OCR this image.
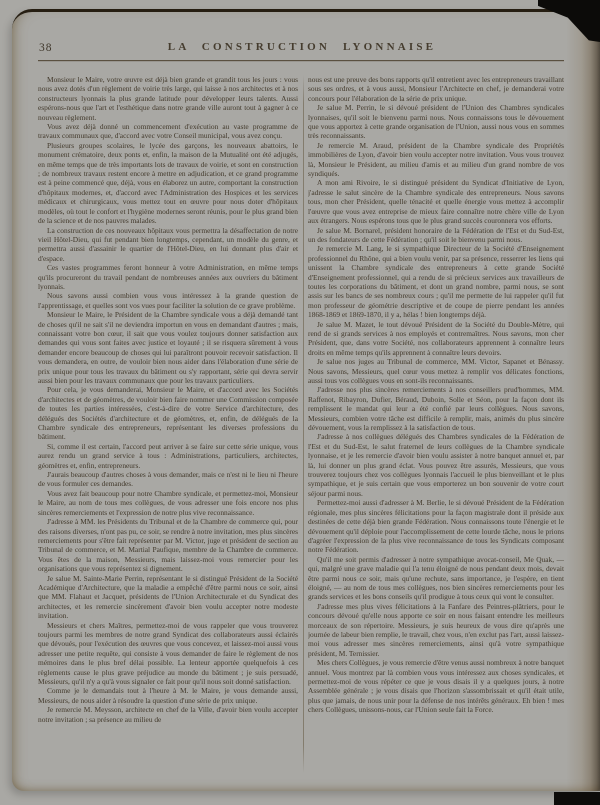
38	LA CONSTRUCTION LYONNAISE

Monsieur le Maire, votre œuvre est déjà bien grande et grandit tous les jours : vous nous avez dotés d'un règlement de voirie très large, qui laisse à nos architectes et à nos constructeurs lyonnais la plus grande latitude pour développer leurs talents. Aussi espérons-nous que l'art et l'esthétique dans notre grande ville auront tout à gagner à ce nouveau règlement.

Vous avez déjà donné un commencement d'exécution au vaste programme de travaux communaux que, d'accord avec votre Conseil municipal, vous avez conçu.

Plusieurs groupes scolaires, le lycée des garçons, les nouveaux abattoirs, le monument crématoire, deux ponts et, enfin, la maison de la Mutualité ont été adjugés, en même temps que de très importants lots de travaux de voirie, et sont en construction ; de nombreux travaux restent encore à mettre en adjudication, et ce grand programme est à peine commencé que, déjà, vous en élaborez un autre, comportant la construction d'hôpitaux modernes, et, d'accord avec l'Administration des Hospices et les services médicaux et chirurgicaux, vous mettez tout en œuvre pour nous doter d'hôpitaux modèles, où tout le confort et l'hygiène modernes seront réunis, pour le plus grand bien de la science et de nos pauvres malades.

La construction de ces nouveaux hôpitaux vous permettra la désaffectation de notre vieil Hôtel-Dieu, qui fut pendant bien longtemps, cependant, un modèle du genre, et permettra aussi d'assainir le quartier de l'Hôtel-Dieu, en lui donnant plus d'air et d'espace.

Ces vastes programmes feront honneur à votre Administration, en même temps qu'ils procureront du travail pendant de nombreuses années aux ouvriers du bâtiment lyonnais.

Nous savons aussi combien vous vous intéressez à la grande question de l'apprentissage, et quelles sont vos vues pour faciliter la solution de ce grave problème.

Monsieur le Maire, le Président de la Chambre syndicale vous a déjà demandé tant de choses qu'il ne sait s'il ne deviendra importun en vous en demandant d'autres ; mais, connaissant votre bon cœur, il sait que vous voulez toujours donner satisfaction aux demandes qui vous sont faites avec justice et loyauté ; il se risquera sûrement à vous demander encore beaucoup de choses qui lui paraîtront pouvoir recevoir satisfaction. Il vous demandera, en outre, de vouloir bien nous aider dans l'élaboration d'une série de prix unique pour tous les travaux du bâtiment ou s'y rapportant, série qui devra servir aussi bien pour les travaux communaux que pour les travaux particuliers.

Pour cela, je vous demanderai, Monsieur le Maire, et d'accord avec les Sociétés d'architectes et de géomètres, de vouloir bien faire nommer une Commission composée de toutes les parties intéressées, c'est-à-dire de votre Service d'architecture, des délégués des Sociétés d'architecture et de géomètres, et, enfin, de délégués de la Chambre syndicale des entrepreneurs, représentant les diverses professions du bâtiment.

Si, comme il est certain, l'accord peut arriver à se faire sur cette série unique, vous aurez rendu un grand service à tous : Administrations, particuliers, architectes, géomètres et, enfin, entrepreneurs.

J'aurais beaucoup d'autres choses à vous demander, mais ce n'est ni le lieu ni l'heure de vous formuler ces demandes.

Vous avez fait beaucoup pour notre Chambre syndicale, et permettez-moi, Monsieur le Maire, au nom de tous mes collègues, de vous adresser une fois encore nos plus sincères remerciements et l'expression de notre plus vive reconnaissance.

J'adresse à MM. les Présidents du Tribunal et de la Chambre de commerce qui, pour des raisons diverses, n'ont pas pu, ce soir, se rendre à notre invitation, mes plus sincères remerciements pour s'être fait représenter par M. Victor, juge et président de section au Tribunal de commerce, et M. Martial Paufique, membre de la Chambre de commerce. Vous êtes de la maison, Messieurs, mais laissez-moi vous remercier pour les organisations que vous représentez si dignement.

Je salue M. Sainte-Marie Perrin, représentant le si distingué Président de la Société Académique d'Architecture, que la maladie a empêché d'être parmi nous ce soir, ainsi que MM. Flahaut et Jacquet, présidents de l'Union Architecturale et du Syndicat des architectes, et les remercie sincèrement d'avoir bien voulu accepter notre modeste invitation.

Messieurs et chers Maîtres, permettez-moi de vous rappeler que vous trouverez toujours parmi les membres de notre grand Syndicat des collaborateurs aussi éclairés que dévoués, pour l'exécution des œuvres que vous concevez, et laissez-moi aussi vous adresser une petite requête, qui consiste à vous demander de faire le règlement de nos mémoires dans le plus bref délai possible. La lenteur apportée quelquefois à ces règlements cause le plus grave préjudice au monde du bâtiment ; je suis persuadé, Messieurs, qu'il n'y a qu'à vous signaler ce fait pour qu'il nous soit donné satisfaction.

Comme je le demandais tout à l'heure à M. le Maire, je vous demande aussi, Messieurs, de nous aider à résoudre la question d'une série de prix unique.

Je remercie M. Meysson, architecte en chef de la Ville, d'avoir bien voulu accepter notre invitation ; sa présence au milieu de

nous est une preuve des bons rapports qu'il entretient avec les entrepreneurs travaillant sous ses ordres, et à vous aussi, Monsieur l'Architecte en chef, je demanderai votre concours pour l'élaboration de la série de prix unique.

Je salue M. Perrin, le si dévoué président de l'Union des Chambres syndicales lyonnaises, qu'il soit le bienvenu parmi nous. Nous connaissons tous le dévouement que vous apportez à cette grande organisation de l'Union, aussi nous vous en sommes très reconnaissants.

Je remercie M. Araud, président de la Chambre syndicale des Propriétés immobilières de Lyon, d'avoir bien voulu accepter notre invitation. Vous vous trouvez là, Monsieur le Président, au milieu d'amis et au milieu d'un grand nombre de vos syndiqués.

A mon ami Rivoire, le si distingué président du Syndicat d'Initiative de Lyon, j'adresse le salut sincère de la Chambre syndicale des entrepreneurs. Nous savons tous, mon cher Président, quelle ténacité et quelle énergie vous mettez à accomplir l'œuvre que vous avez entreprise de mieux faire connaître notre chère ville de Lyon aux étrangers. Nous espérons tous que le plus grand succès couronnera vos efforts.

Je salue M. Bornarel, président honoraire de la Fédération de l'Est et du Sud-Est, un des fondateurs de cette Fédération ; qu'il soit le bienvenu parmi nous.

Je remercie M. Lang, le si sympathique Directeur de la Société d'Enseignement professionnel du Rhône, qui a bien voulu venir, par sa présence, resserrer les liens qui unissent la Chambre syndicale des entrepreneurs à cette grande Société d'Enseignement professionnel, qui a rendu de si précieux services aux travailleurs de toutes les corporations du bâtiment, et dont un grand nombre, parmi nous, se sont assis sur les bancs de ses nombreux cours ; qu'il me permette de lui rappeler qu'il fut mon professeur de géométrie descriptive et de coupe de pierre pendant les années 1868-1869 et 1869-1870, il y a, hélas ! bien longtemps déjà.

Je salue M. Mazet, le tout dévoué Président de la Société du Double-Mètre, qui rend de si grands services à nos employés et contremaîtres. Nous savons, mon cher Président, que, dans votre Société, nos collaborateurs apprennent à connaître leurs droits en même temps qu'ils apprennent à connaître leurs devoirs.

Je salue nos juges au Tribunal de commerce, MM. Victor, Sapanet et Bénassy. Nous savons, Messieurs, quel cœur vous mettez à remplir vos délicates fonctions, aussi tous vos collègues vous en sont-ils reconnaissants.

J'adresse nos plus sincères remerciements à nos conseillers prud'hommes, MM. Raffenot, Ribayron, Dufier, Béraud, Duboin, Solle et Séon, pour la façon dont ils remplissent le mandat qui leur a été confié par leurs collègues. Nous savons, Messieurs, combien votre tâche est difficile à remplir, mais, animés du plus sincère dévouement, vous la remplissez à la satisfaction de tous.

J'adresse à nos collègues délégués des Chambres syndicales de la Fédération de l'Est et du Sud-Est, le salut fraternel de leurs collègues de la Chambre syndicale lyonnaise, et je les remercie d'avoir bien voulu assister à notre banquet annuel et, par là, lui donner un plus grand éclat. Vous pouvez être assurés, Messieurs, que vous trouverez toujours chez vos collègues lyonnais l'accueil le plus bienveillant et le plus sympathique, et je suis certain que vous emporterez un bon souvenir de votre court séjour parmi nous.

Permettez-moi aussi d'adresser à M. Berlie, le si dévoué Président de la Fédération régionale, mes plus sincères félicitations pour la façon magistrale dont il préside aux destinées de cette déjà bien grande Fédération. Nous connaissons toute l'énergie et le dévouement qu'il déploie pour l'accomplissement de cette lourde tâche, nous le prions d'agréer l'expression de la plus vive reconnaissance de tous les Syndicats composant notre Fédération.

Qu'il me soit permis d'adresser à notre sympathique avocat-conseil, Me Quak, — qui, malgré une grave maladie qui l'a tenu éloigné de nous pendant deux mois, devait être parmi nous ce soir, mais qu'une rechute, sans importance, je l'espère, en tient éloigné, — au nom de tous mes collègues, nos bien sincères remerciements pour les grands services et les bons conseils qu'il prodigue à tous ceux qui vont le consulter.

J'adresse mes plus vives félicitations à la Fanfare des Peintres-plâtriers, pour le concours dévoué qu'elle nous apporte ce soir en nous faisant entendre les meilleurs morceaux de son répertoire. Messieurs, je suis heureux de vous dire qu'après une journée de labeur bien remplie, le travail, chez vous, n'en exclut pas l'art, aussi laissez-moi vous adresser mes sincères remerciements, ainsi qu'à votre sympathique président, M. Ternissier.

Mes chers Collègues, je vous remercie d'être venus aussi nombreux à notre banquet annuel. Vous montrez par là combien vous vous intéressez aux choses syndicales, et permettez-moi de vous répéter ce que je vous disais il y a quelques jours, à notre Assemblée générale ; je vous disais que l'horizon s'assombrissait et qu'il était utile, plus que jamais, de nous unir pour la défense de nos intérêts généraux. Eh bien ! mes chers Collègues, unissons-nous, car l'Union seule fait la Force.
